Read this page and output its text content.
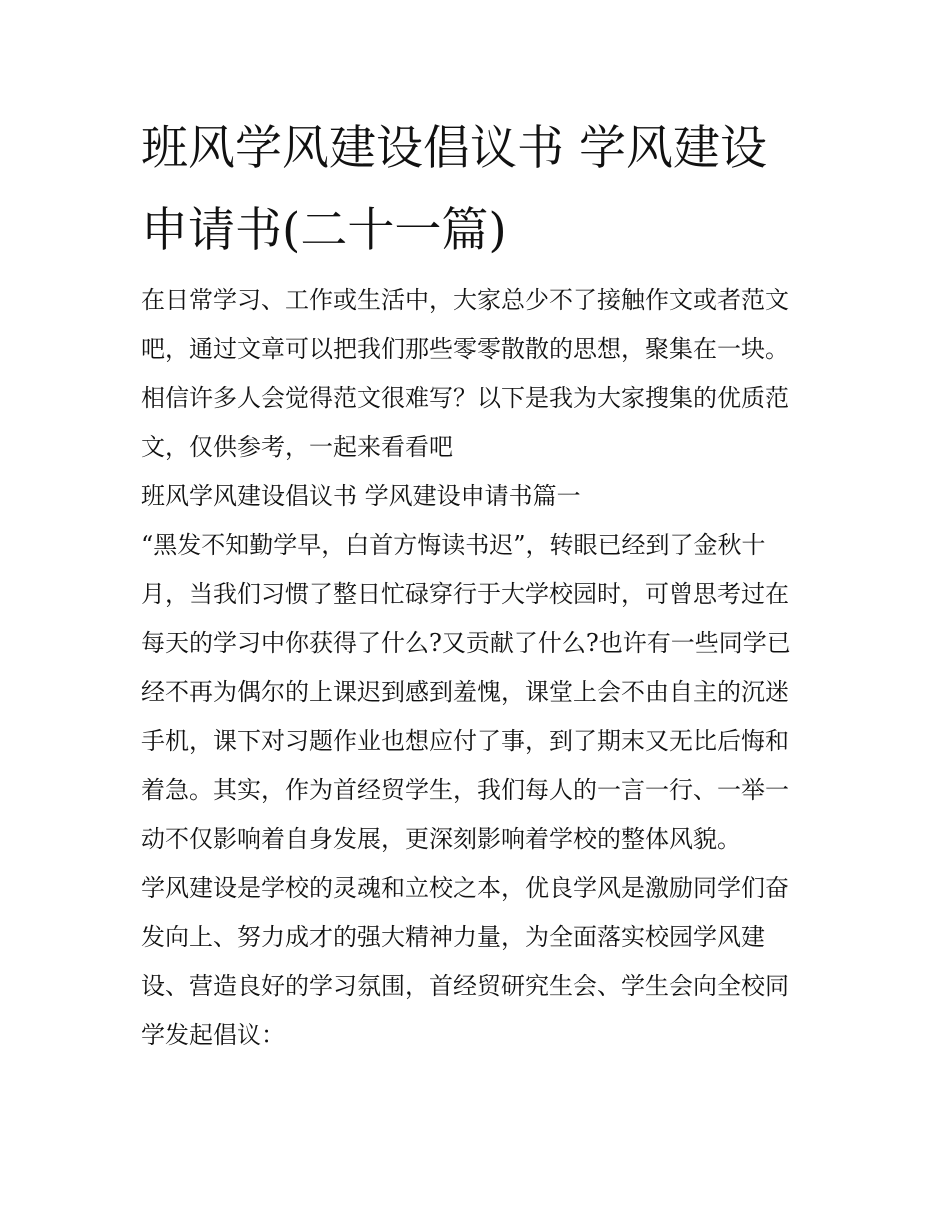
班风学风建设倡议书 学风建设
申请书(二十一篇)

在日常学习、工作或生活中，大家总少不了接触作文或者范文
吧，通过文章可以把我们那些零零散散的思想，聚集在一块。
相信许多人会觉得范文很难写？以下是我为大家搜集的优质范
文，仅供参考，一起来看看吧

班风学风建设倡议书 学风建设申请书篇一

“黑发不知勤学早，白首方悔读书迟”，转眼已经到了金秋十
月，当我们习惯了整日忙碌穿行于大学校园时，可曾思考过在
每天的学习中你获得了什么?又贡献了什么?也许有一些同学已
经不再为偶尔的上课迟到感到羞愧，课堂上会不由自主的沉迷
手机，课下对习题作业也想应付了事，到了期末又无比后悔和
着急。其实，作为首经贸学生，我们每人的一言一行、一举一
动不仅影响着自身发展，更深刻影响着学校的整体风貌。

学风建设是学校的灵魂和立校之本，优良学风是激励同学们奋
发向上、努力成才的强大精神力量，为全面落实校园学风建
设、营造良好的学习氛围，首经贸研究生会、学生会向全校同
学发起倡议：
